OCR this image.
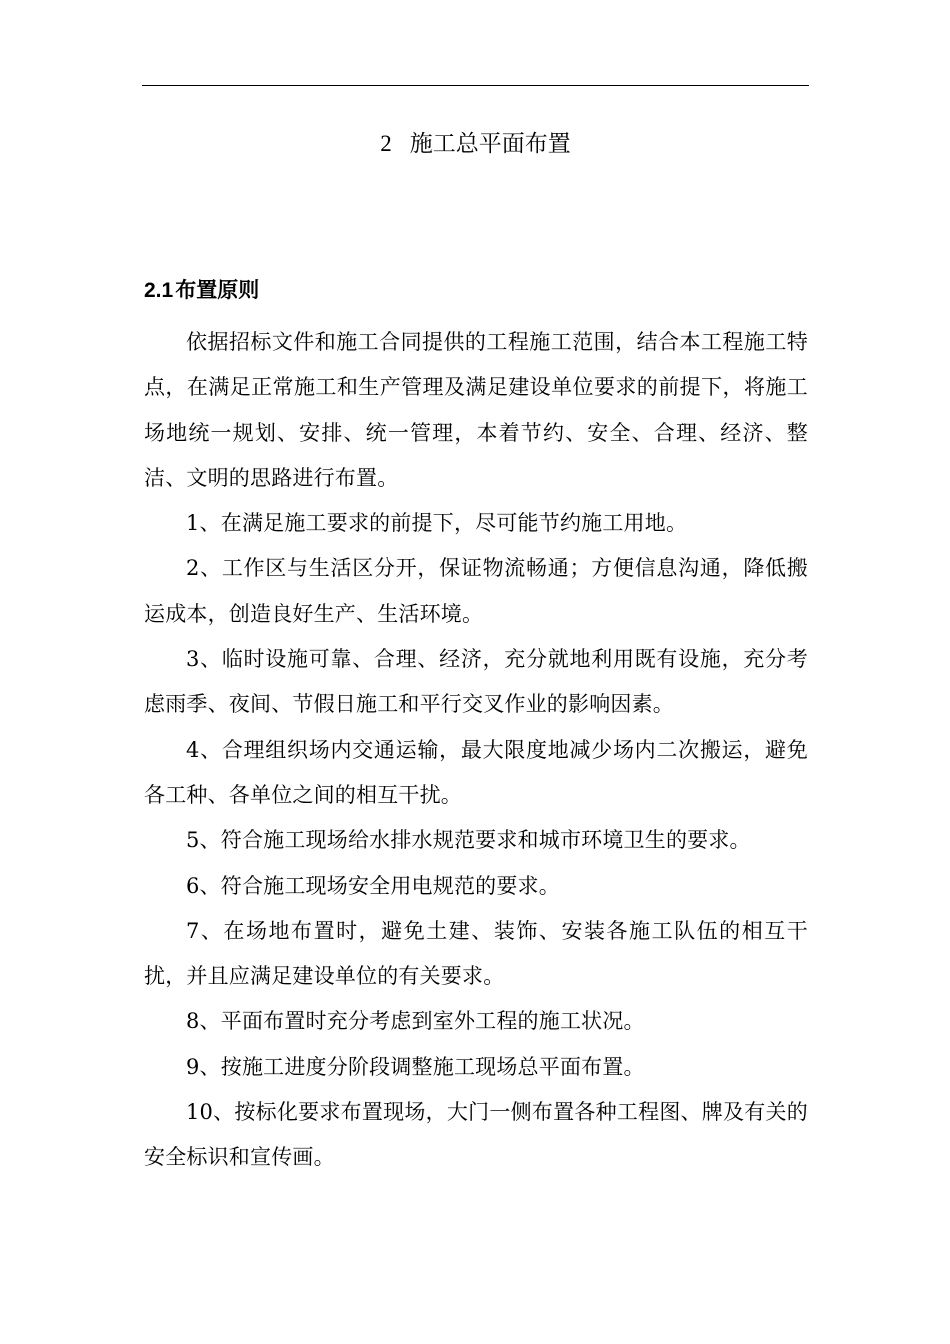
2 施工总平面布置
2.1布置原则

依据招标文件和施工合同提供的工程施工范围，结合本工程施工特点，在满足正常施工和生产管理及满足建设单位要求的前提下，将施工场地统一规划、安排、统一管理，本着节约、安全、合理、经济、整洁、文明的思路进行布置。

1、在满足施工要求的前提下，尽可能节约施工用地。

2、工作区与生活区分开，保证物流畅通；方便信息沟通，降低搬运成本，创造良好生产、生活环境。

3、临时设施可靠、合理、经济，充分就地利用既有设施，充分考虑雨季、夜间、节假日施工和平行交叉作业的影响因素。

4、合理组织场内交通运输，最大限度地减少场内二次搬运，避免各工种、各单位之间的相互干扰。

5、符合施工现场给水排水规范要求和城市环境卫生的要求。

6、符合施工现场安全用电规范的要求。

7、在场地布置时，避免土建、装饰、安装各施工队伍的相互干扰，并且应满足建设单位的有关要求。

8、平面布置时充分考虑到室外工程的施工状况。

9、按施工进度分阶段调整施工现场总平面布置。

10、按标化要求布置现场，大门一侧布置各种工程图、牌及有关的安全标识和宣传画。
